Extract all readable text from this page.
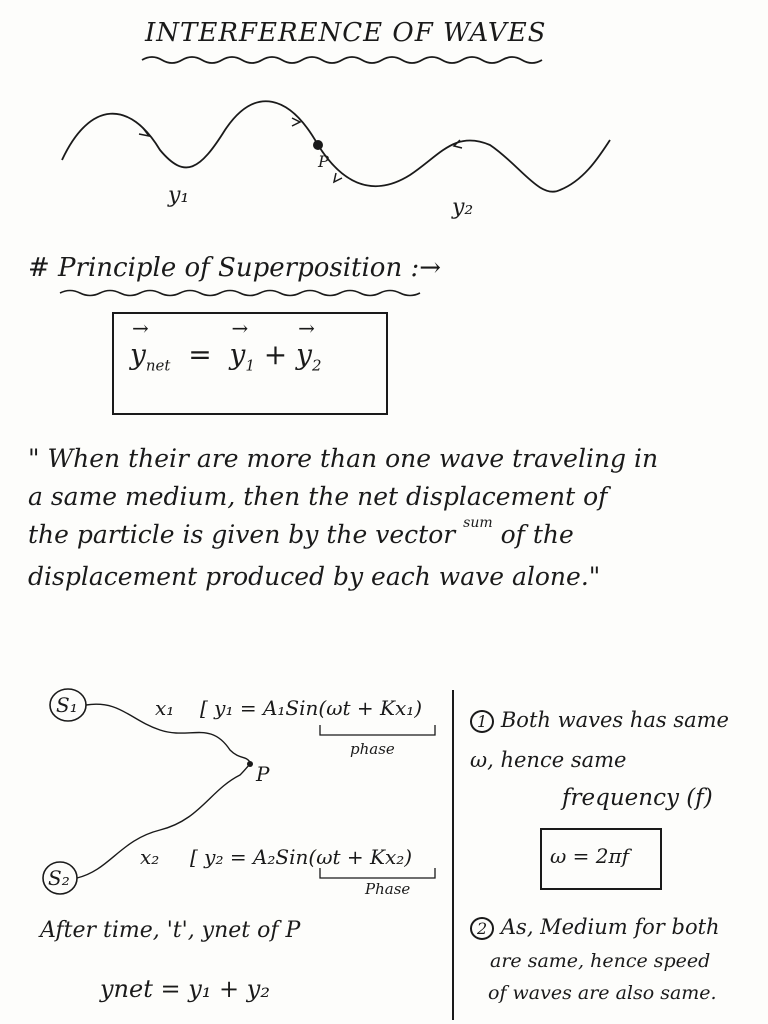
INTERFERENCE OF WAVES
P
y₁	y₂
# Principle of Superposition :→
→ $y_{net}$ = → $y_1$ + → $y_2$
" When their are more than one wave traveling in
a same medium, then the net displacement of
the particle is given by the vector $^{sum}$ of the
displacement produced by each wave alone."
S₁
S₂
P
x₁ [ y₁ = A₁Sin(ωt + Kx₁)
phase
x₂ [ y₂ = A₂Sin(ωt + Kx₂)
Phase
After time, 't', ynet of P
ynet = y₁ + y₂
1 Both waves has same
ω, hence same
frequency (f)
ω = 2πf
2 As, Medium for both
are same, hence speed
of waves are also same.
